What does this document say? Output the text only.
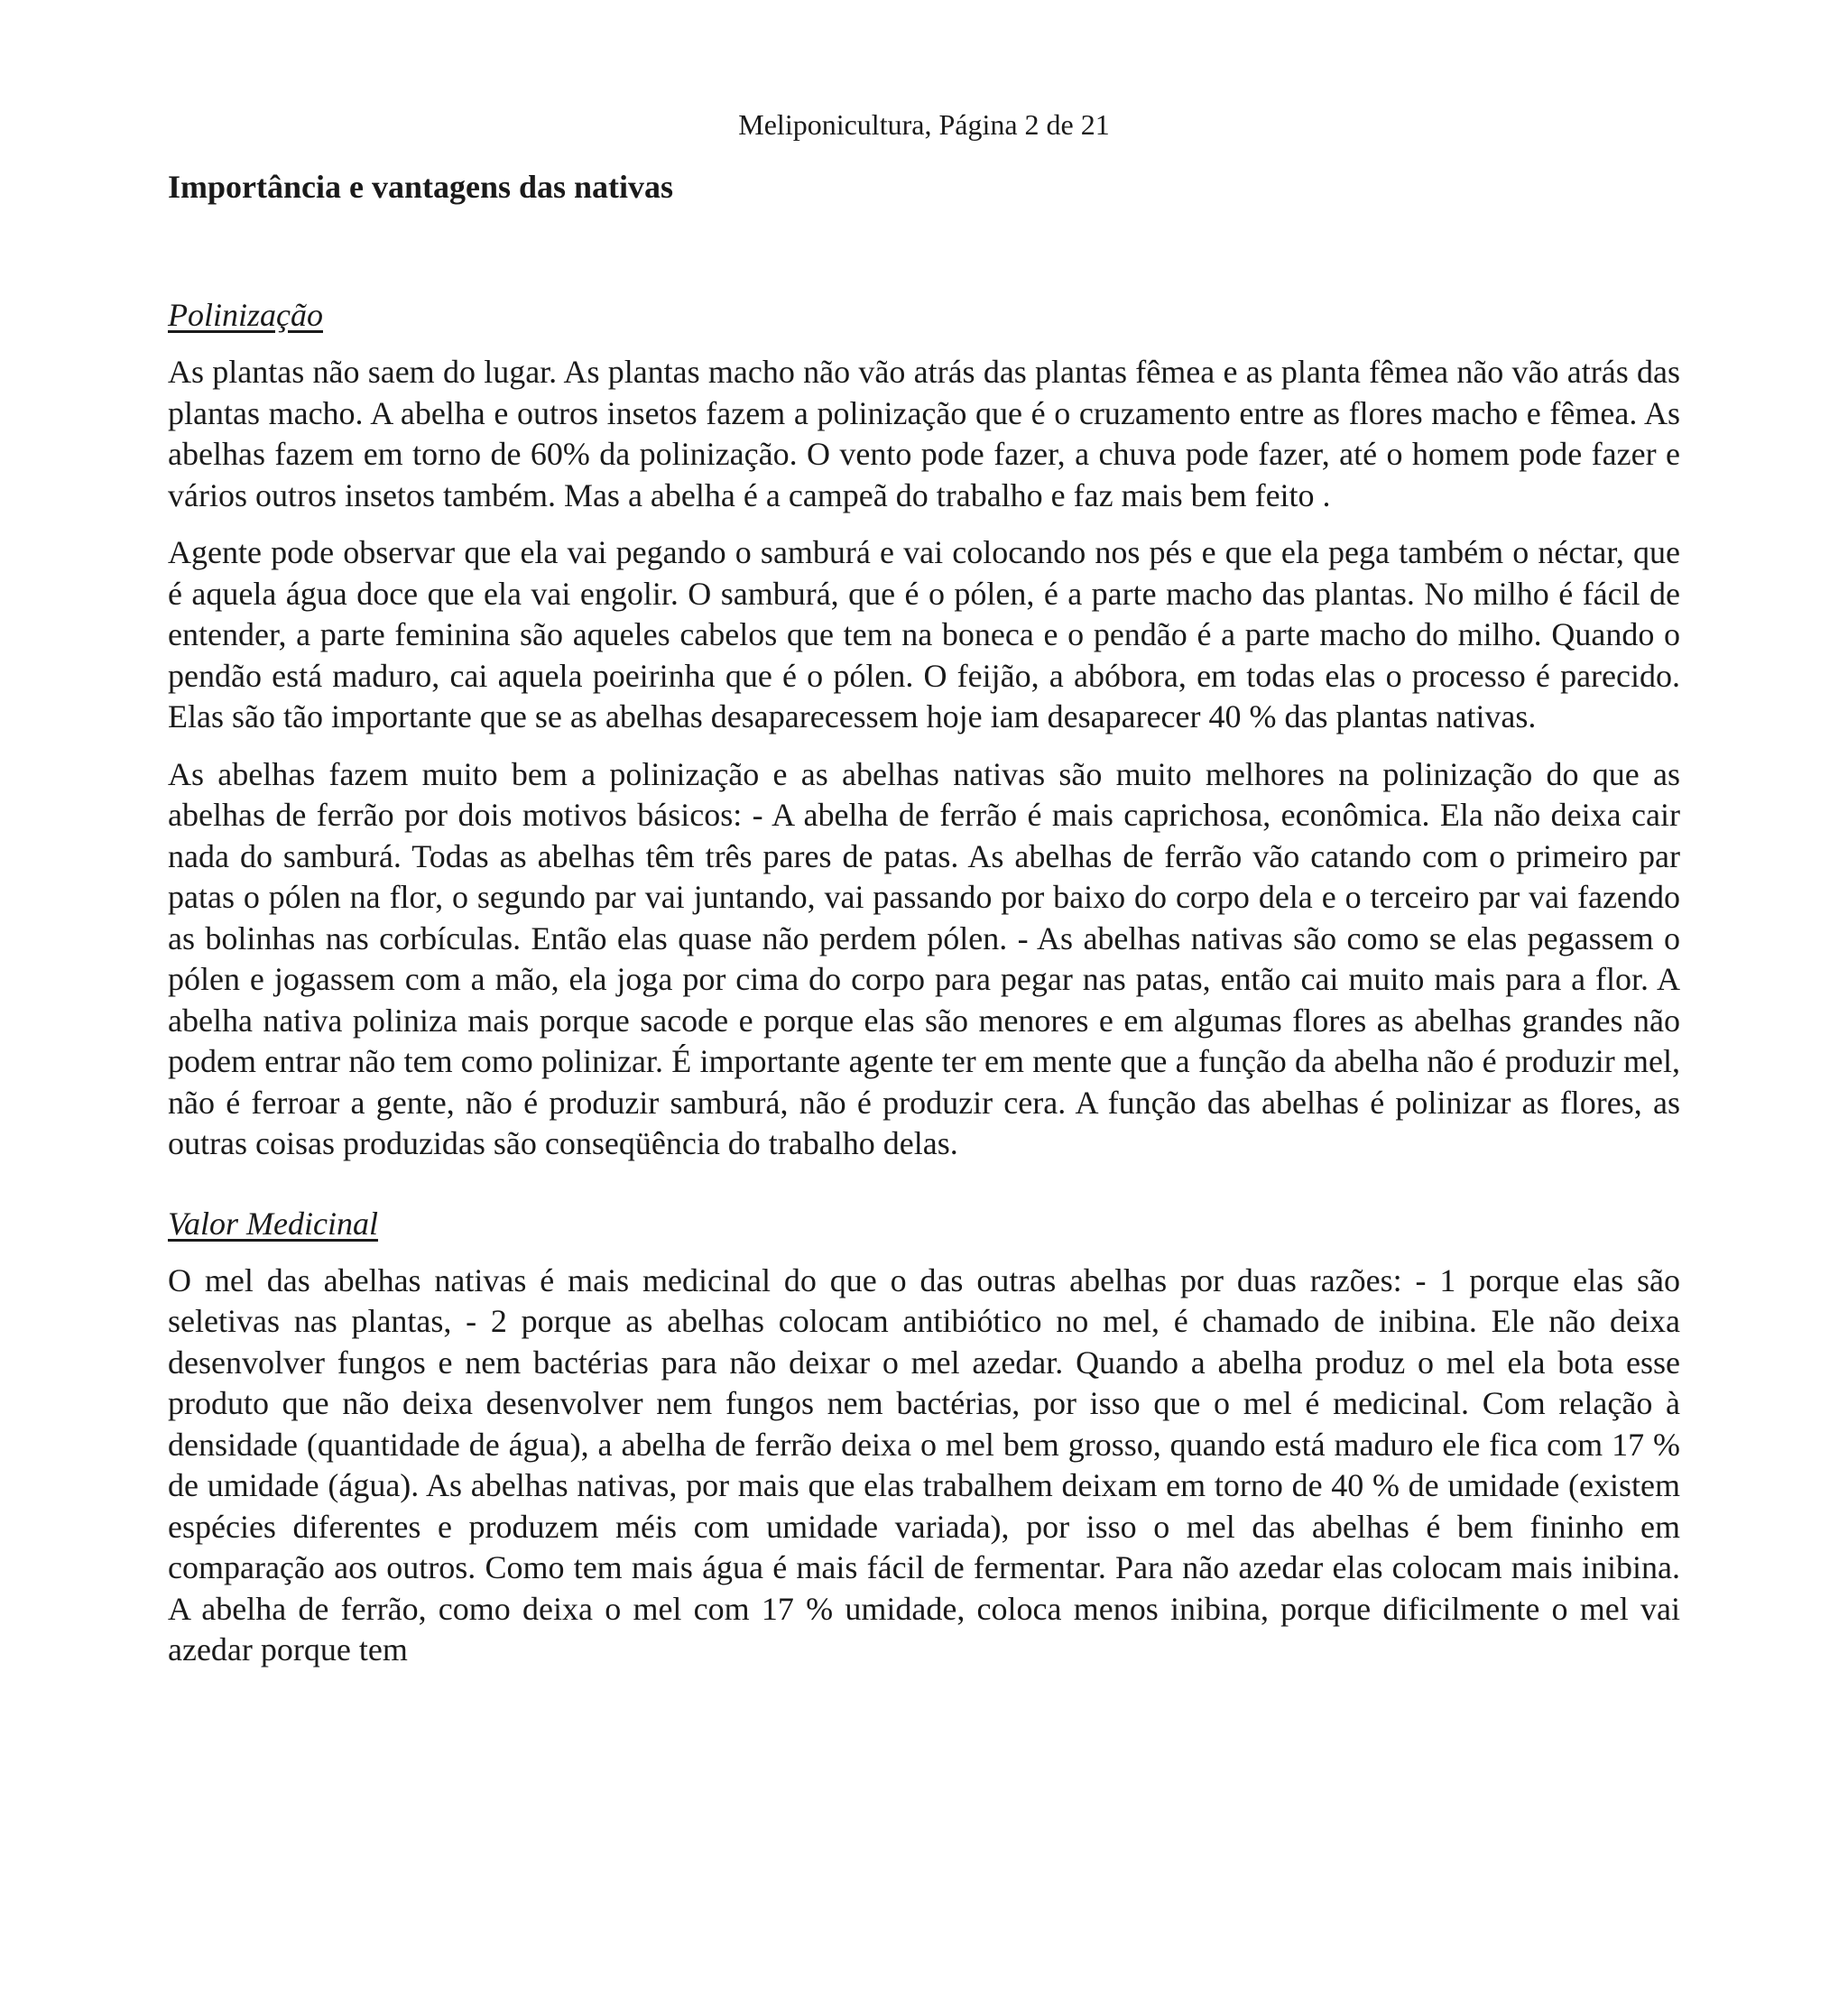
Meliponicultura, Página 2 de 21
Importância e vantagens das nativas
Polinização

As plantas não saem do lugar. As plantas macho não vão atrás das plantas fêmea e as planta fêmea não vão atrás das plantas macho. A abelha e outros insetos fazem a polinização que é o cruzamento entre as flores macho e fêmea. As abelhas fazem em torno de 60% da polinização. O vento pode fazer, a chuva pode fazer, até o homem pode fazer e vários outros insetos também. Mas a abelha é a campeã do trabalho e faz mais bem feito .

Agente pode observar que ela vai pegando o samburá e vai colocando nos pés e que ela pega também o néctar, que é aquela água doce que ela vai engolir. O samburá, que é o pólen, é a parte macho das plantas. No milho é fácil de entender, a parte feminina são aqueles cabelos que tem na boneca e o pendão é a parte macho do milho. Quando o pendão está maduro, cai aquela poeirinha que é o pólen. O feijão, a abóbora, em todas elas o processo é parecido. Elas são tão importante que se as abelhas desaparecessem hoje iam desaparecer 40 % das plantas nativas.

As abelhas fazem muito bem a polinização e as abelhas nativas são muito melhores na polinização do que as abelhas de ferrão por dois motivos básicos: - A abelha de ferrão é mais caprichosa, econômica. Ela não deixa cair nada do samburá. Todas as abelhas têm três pares de patas. As abelhas de ferrão vão catando com o primeiro par patas o pólen na flor, o segundo par vai juntando, vai passando por baixo do corpo dela e o terceiro par vai fazendo as bolinhas nas corbículas. Então elas quase não perdem pólen. - As abelhas nativas são como se elas pegassem o pólen e jogassem com a mão, ela joga por cima do corpo para pegar nas patas, então cai muito mais para a flor. A abelha nativa poliniza mais porque sacode e porque elas são menores e em algumas flores as abelhas grandes não podem entrar não tem como polinizar. É importante agente ter em mente que a função da abelha não é produzir mel, não é ferroar a gente, não é produzir samburá, não é produzir cera. A função das abelhas é polinizar as flores, as outras coisas produzidas são conseqüência do trabalho delas.

Valor Medicinal

O mel das abelhas nativas é mais medicinal do que o das outras abelhas por duas razões: - 1 porque elas são seletivas nas plantas, - 2 porque as abelhas colocam antibiótico no mel, é chamado de inibina. Ele não deixa desenvolver fungos e nem bactérias para não deixar o mel azedar. Quando a abelha produz o mel ela bota esse produto que não deixa desenvolver nem fungos nem bactérias, por isso que o mel é medicinal. Com relação à densidade (quantidade de água), a abelha de ferrão deixa o mel bem grosso, quando está maduro ele fica com 17 % de umidade (água). As abelhas nativas, por mais que elas trabalhem deixam em torno de 40 % de umidade (existem espécies diferentes e produzem méis com umidade variada), por isso o mel das abelhas é bem fininho em comparação aos outros. Como tem mais água é mais fácil de fermentar. Para não azedar elas colocam mais inibina. A abelha de ferrão, como deixa o mel com 17 % umidade, coloca menos inibina, porque dificilmente o mel vai azedar porque tem
